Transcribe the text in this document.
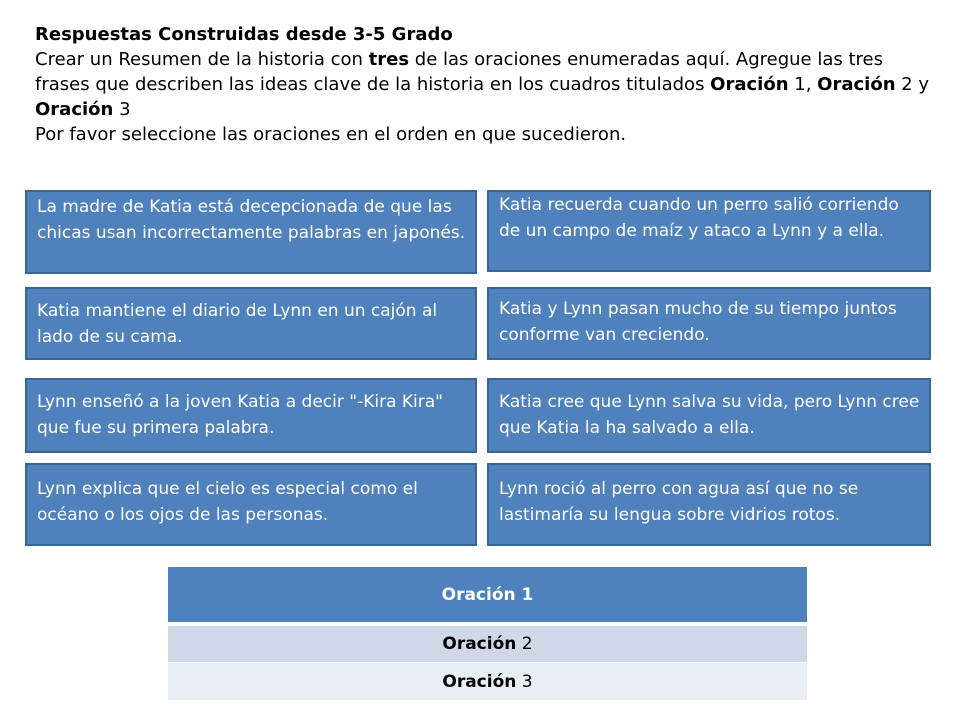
Respuestas Construidas desde 3-5 Grado

Crear un Resumen de la historia con tres de las oraciones enumeradas aquí. Agregue las tres frases que describen las ideas clave de la historia en los cuadros titulados Oración 1, Oración 2 y Oración 3

Por favor seleccione las oraciones en el orden en que sucedieron.

La madre de Katia está decepcionada de que las chicas usan incorrectamente palabras en japonés.
Katia recuerda cuando un perro salió corriendo de un campo de maíz y ataco a Lynn y a ella.
Katia mantiene el diario de Lynn en un cajón al lado de su cama.
Katia y Lynn pasan mucho de su tiempo juntos conforme van creciendo.
Lynn enseñó a la joven Katia a decir "-Kira Kira" que fue su primera palabra.
Katia cree que Lynn salva su vida, pero Lynn cree que Katia la ha salvado a ella.
Lynn explica que el cielo es especial como el océano o los ojos de las personas.
Lynn roció al perro con agua así que no se lastimaría su lengua sobre vidrios rotos.
Oración 1
Oración 2
Oración 3
